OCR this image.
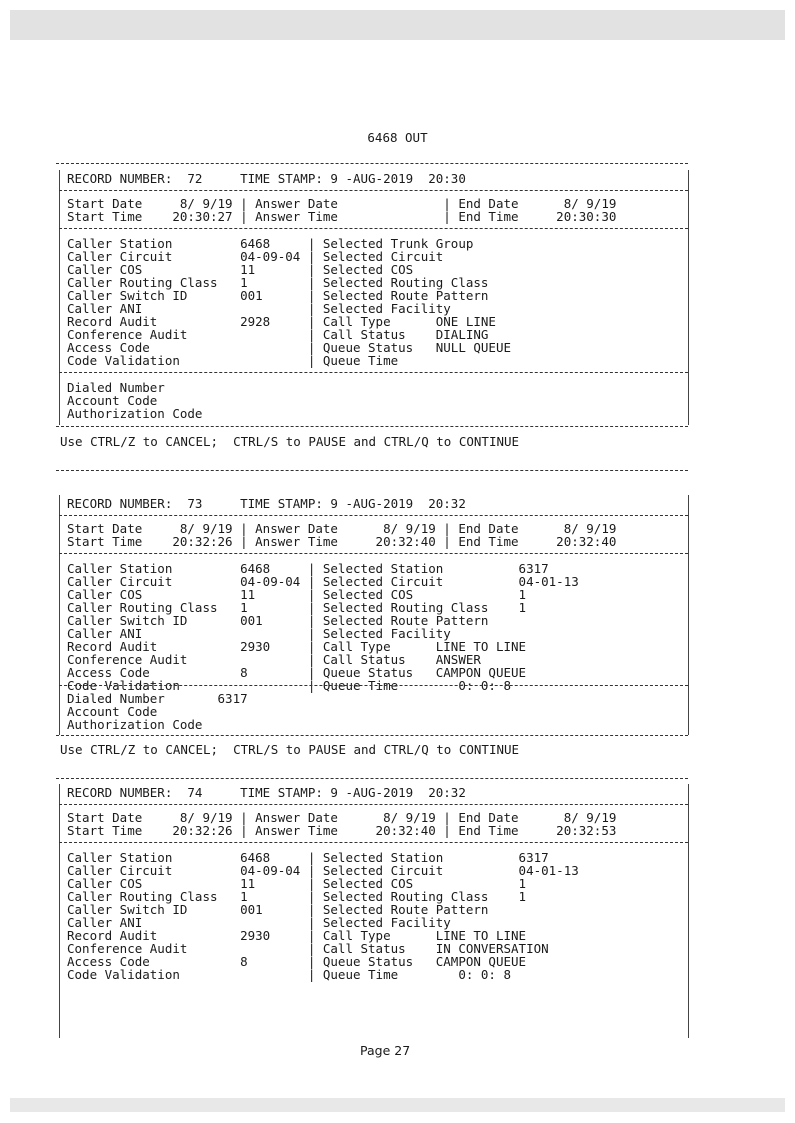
6468 OUT
RECORD NUMBER:  72     TIME STAMP: 9 -AUG-2019  20:30
Start Date     8/ 9/19 | Answer Date              | End Date      8/ 9/19
Start Time    20:30:27 | Answer Time              | End Time     20:30:30
Caller Station         6468     | Selected Trunk Group
Caller Circuit         04-09-04 | Selected Circuit
Caller COS             11       | Selected COS
Caller Routing Class   1        | Selected Routing Class
Caller Switch ID       001      | Selected Route Pattern
Caller ANI                      | Selected Facility
Record Audit           2928     | Call Type      ONE LINE
Conference Audit                | Call Status    DIALING
Access Code                     | Queue Status   NULL QUEUE
Code Validation                 | Queue Time
Dialed Number
Account Code
Authorization Code
Use CTRL/Z to CANCEL;  CTRL/S to PAUSE and CTRL/Q to CONTINUE
RECORD NUMBER:  73     TIME STAMP: 9 -AUG-2019  20:32
Start Date     8/ 9/19 | Answer Date      8/ 9/19 | End Date      8/ 9/19
Start Time    20:32:26 | Answer Time     20:32:40 | End Time     20:32:40
Caller Station         6468     | Selected Station          6317
Caller Circuit         04-09-04 | Selected Circuit          04-01-13
Caller COS             11       | Selected COS              1
Caller Routing Class   1        | Selected Routing Class    1
Caller Switch ID       001      | Selected Route Pattern
Caller ANI                      | Selected Facility
Record Audit           2930     | Call Type      LINE TO LINE
Conference Audit                | Call Status    ANSWER
Access Code            8        | Queue Status   CAMPON QUEUE
Code Validation                 | Queue Time        0: 0: 8
Dialed Number       6317
Account Code
Authorization Code
Use CTRL/Z to CANCEL;  CTRL/S to PAUSE and CTRL/Q to CONTINUE
RECORD NUMBER:  74     TIME STAMP: 9 -AUG-2019  20:32
Start Date     8/ 9/19 | Answer Date      8/ 9/19 | End Date      8/ 9/19
Start Time    20:32:26 | Answer Time     20:32:40 | End Time     20:32:53
Caller Station         6468     | Selected Station          6317
Caller Circuit         04-09-04 | Selected Circuit          04-01-13
Caller COS             11       | Selected COS              1
Caller Routing Class   1        | Selected Routing Class    1
Caller Switch ID       001      | Selected Route Pattern
Caller ANI                      | Selected Facility
Record Audit           2930     | Call Type      LINE TO LINE
Conference Audit                | Call Status    IN CONVERSATION
Access Code            8        | Queue Status   CAMPON QUEUE
Code Validation                 | Queue Time        0: 0: 8
Page 27
